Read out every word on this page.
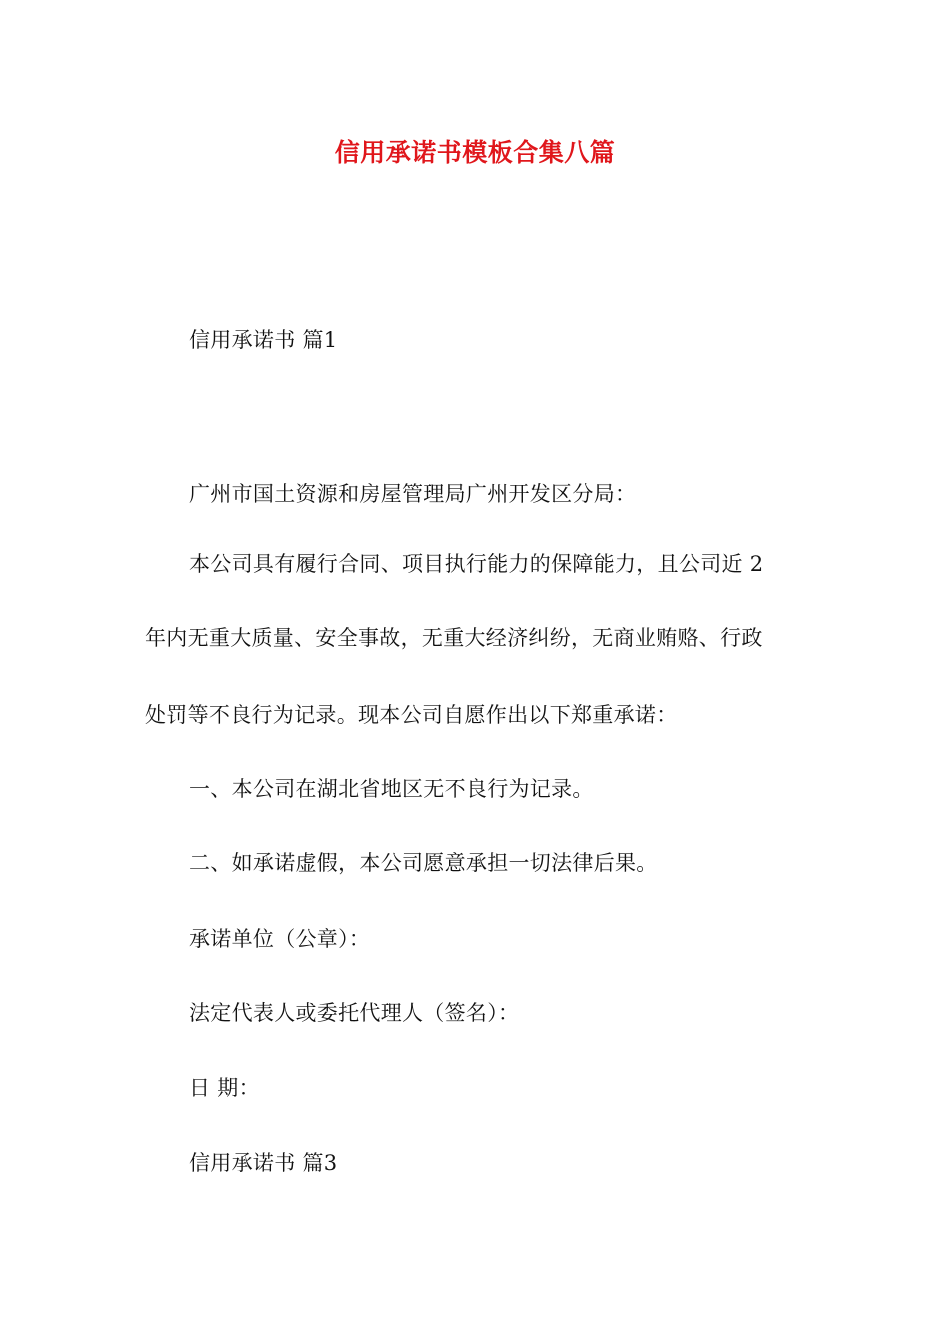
信用承诺书模板合集八篇
信用承诺书 篇1
广州市国土资源和房屋管理局广州开发区分局：
本公司具有履行合同、项目执行能力的保障能力，且公司近 2
年内无重大质量、安全事故，无重大经济纠纷，无商业贿赂、行政
处罚等不良行为记录。现本公司自愿作出以下郑重承诺：
一、本公司在湖北省地区无不良行为记录。
二、如承诺虚假，本公司愿意承担一切法律后果。
承诺单位（公章）：
法定代表人或委托代理人（签名）：
日 期：
信用承诺书 篇3
